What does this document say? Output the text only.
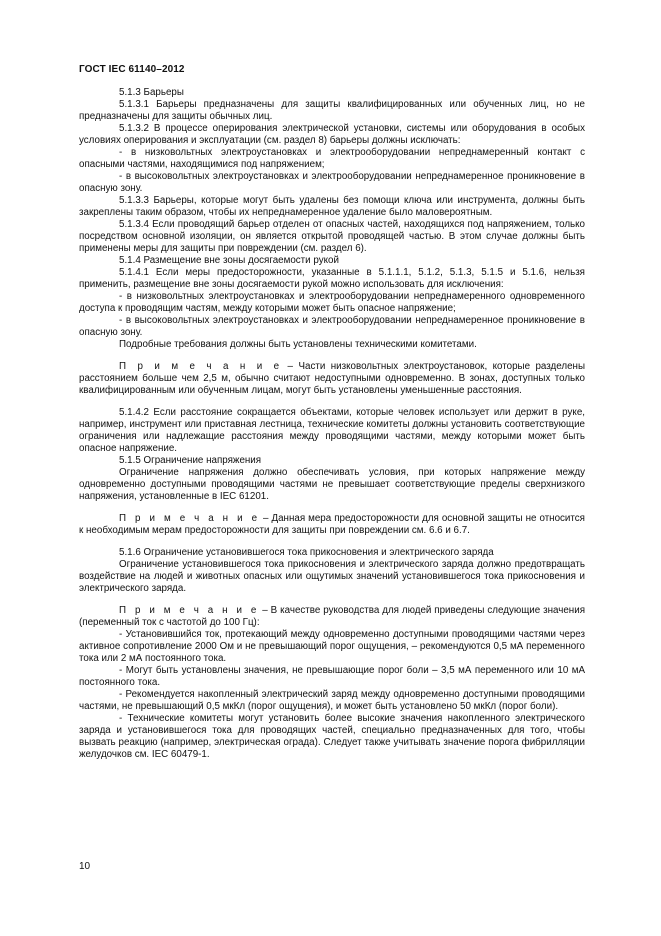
ГОСТ IEC 61140–2012

5.1.3 Барьеры

5.1.3.1 Барьеры предназначены для защиты квалифицированных или обученных лиц, но не предназначены для защиты обычных лиц.

5.1.3.2 В процессе оперирования электрической установки, системы или оборудования в особых условиях оперирования и эксплуатации (см. раздел 8) барьеры должны исключать:

- в низковольтных электроустановках и электрооборудовании непреднамеренный контакт с опасными частями, находящимися под напряжением;

- в высоковольтных электроустановках и электрооборудовании непреднамеренное проникновение в опасную зону.

5.1.3.3 Барьеры, которые могут быть удалены без помощи ключа или инструмента, должны быть закреплены таким образом, чтобы их непреднамеренное удаление было маловероятным.

5.1.3.4 Если проводящий барьер отделен от опасных частей, находящихся под напряжением, только посредством основной изоляции, он является открытой проводящей частью. В этом случае должны быть применены меры для защиты при повреждении (см. раздел 6).

5.1.4 Размещение вне зоны досягаемости рукой

5.1.4.1 Если меры предосторожности, указанные в 5.1.1.1, 5.1.2, 5.1.3, 5.1.5 и 5.1.6, нельзя применить, размещение вне зоны досягаемости рукой можно использовать для исключения:

- в низковольтных электроустановках и электрооборудовании непреднамеренного одновременного доступа к проводящим частям, между которыми может быть опасное напряжение;

- в высоковольтных электроустановках и электрооборудовании непреднамеренное проникновение в опасную зону.

Подробные требования должны быть установлены техническими комитетами.

П р и м е ч а н и е – Части низковольтных электроустановок, которые разделены расстоянием больше чем 2,5 м, обычно считают недоступными одновременно. В зонах, доступных только квалифицированным или обученным лицам, могут быть установлены уменьшенные расстояния.

5.1.4.2 Если расстояние сокращается объектами, которые человек использует или держит в руке, например, инструмент или приставная лестница, технические комитеты должны установить соответствующие ограничения или надлежащие расстояния между проводящими частями, между которыми может быть опасное напряжение.

5.1.5 Ограничение напряжения

Ограничение напряжения должно обеспечивать условия, при которых напряжение между одновременно доступными проводящими частями не превышает соответствующие пределы сверхнизкого напряжения, установленные в IEC 61201.

П р и м е ч а н и е – Данная мера предосторожности для основной защиты не относится к необходимым мерам предосторожности для защиты при повреждении см. 6.6 и 6.7.

5.1.6 Ограничение установившегося тока прикосновения и электрического заряда

Ограничение установившегося тока прикосновения и электрического заряда должно предотвращать воздействие на людей и животных опасных или ощутимых значений установившегося тока прикосновения и электрического заряда.

П р и м е ч а н и е – В качестве руководства для людей приведены следующие значения (переменный ток с частотой до 100 Гц):

- Установившийся ток, протекающий между одновременно доступными проводящими частями через активное сопротивление 2000 Ом и не превышающий порог ощущения, – рекомендуются 0,5 мА переменного тока или 2 мА постоянного тока.

- Могут быть установлены значения, не превышающие порог боли – 3,5 мА переменного или 10 мА постоянного тока.

- Рекомендуется накопленный электрический заряд между одновременно доступными проводящими частями, не превышающий 0,5 мкКл (порог ощущения), и может быть установлено 50 мкКл (порог боли).

- Технические комитеты могут установить более высокие значения накопленного электрического заряда и установившегося тока для проводящих частей, специально предназначенных для того, чтобы вызвать реакцию (например, электрическая ограда). Следует также учитывать значение порога фибрилляции желудочков см. IEC 60479-1.

10
